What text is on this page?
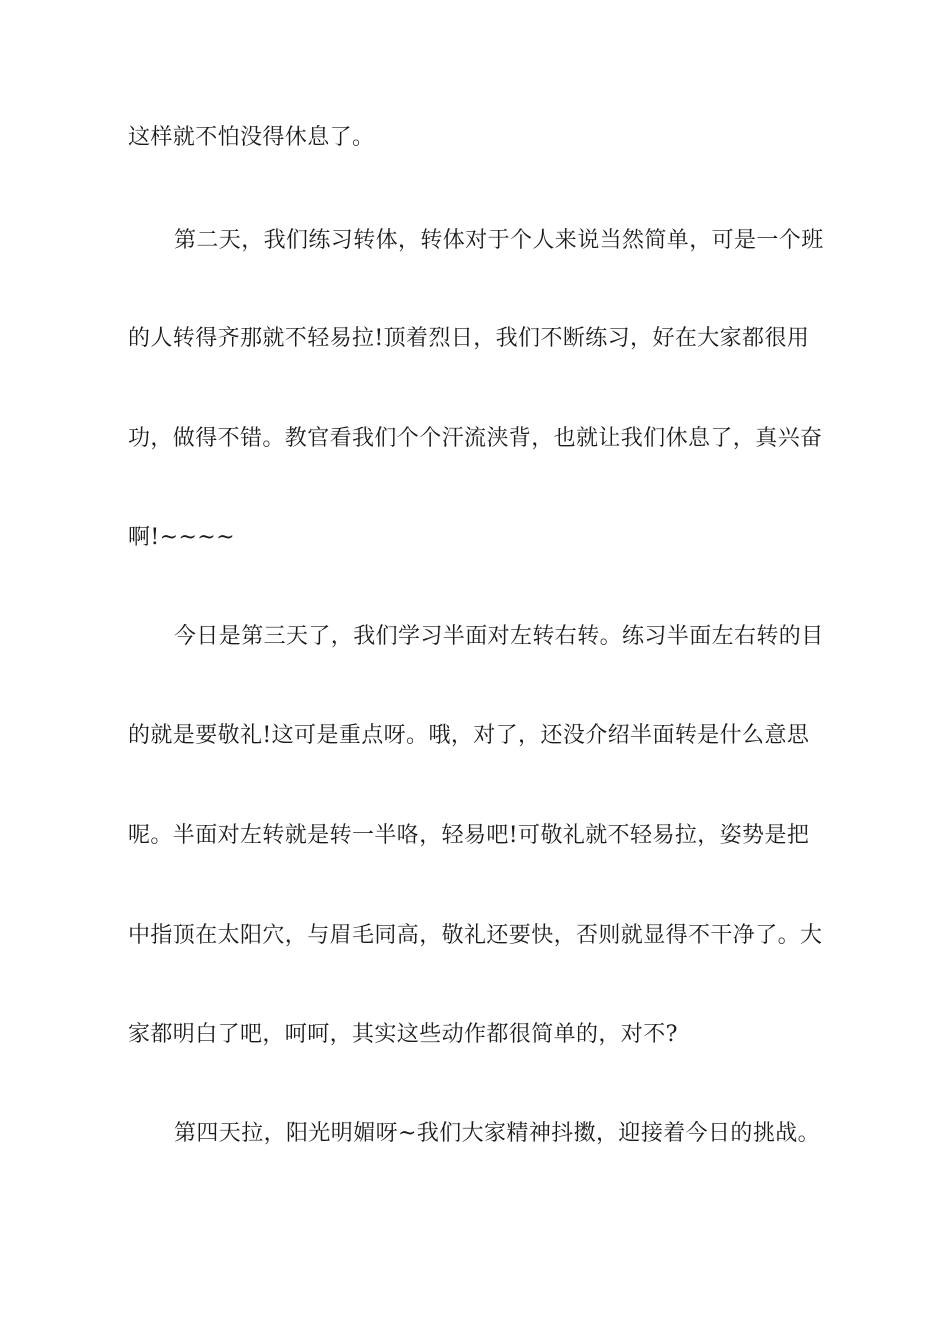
这样就不怕没得休息了。
第二天，我们练习转体，转体对于个人来说当然简单，可是一个班
的人转得齐那就不轻易拉!顶着烈日，我们不断练习，好在大家都很用
功，做得不错。教官看我们个个汗流浃背，也就让我们休息了，真兴奋
啊!~~~~
今日是第三天了，我们学习半面对左转右转。练习半面左右转的目
的就是要敬礼!这可是重点呀。哦，对了，还没介绍半面转是什么意思
呢。半面对左转就是转一半咯，轻易吧!可敬礼就不轻易拉，姿势是把
中指顶在太阳穴，与眉毛同高，敬礼还要快，否则就显得不干净了。大
家都明白了吧，呵呵，其实这些动作都很简单的，对不?
第四天拉，阳光明媚呀~我们大家精神抖擞，迎接着今日的挑战。
